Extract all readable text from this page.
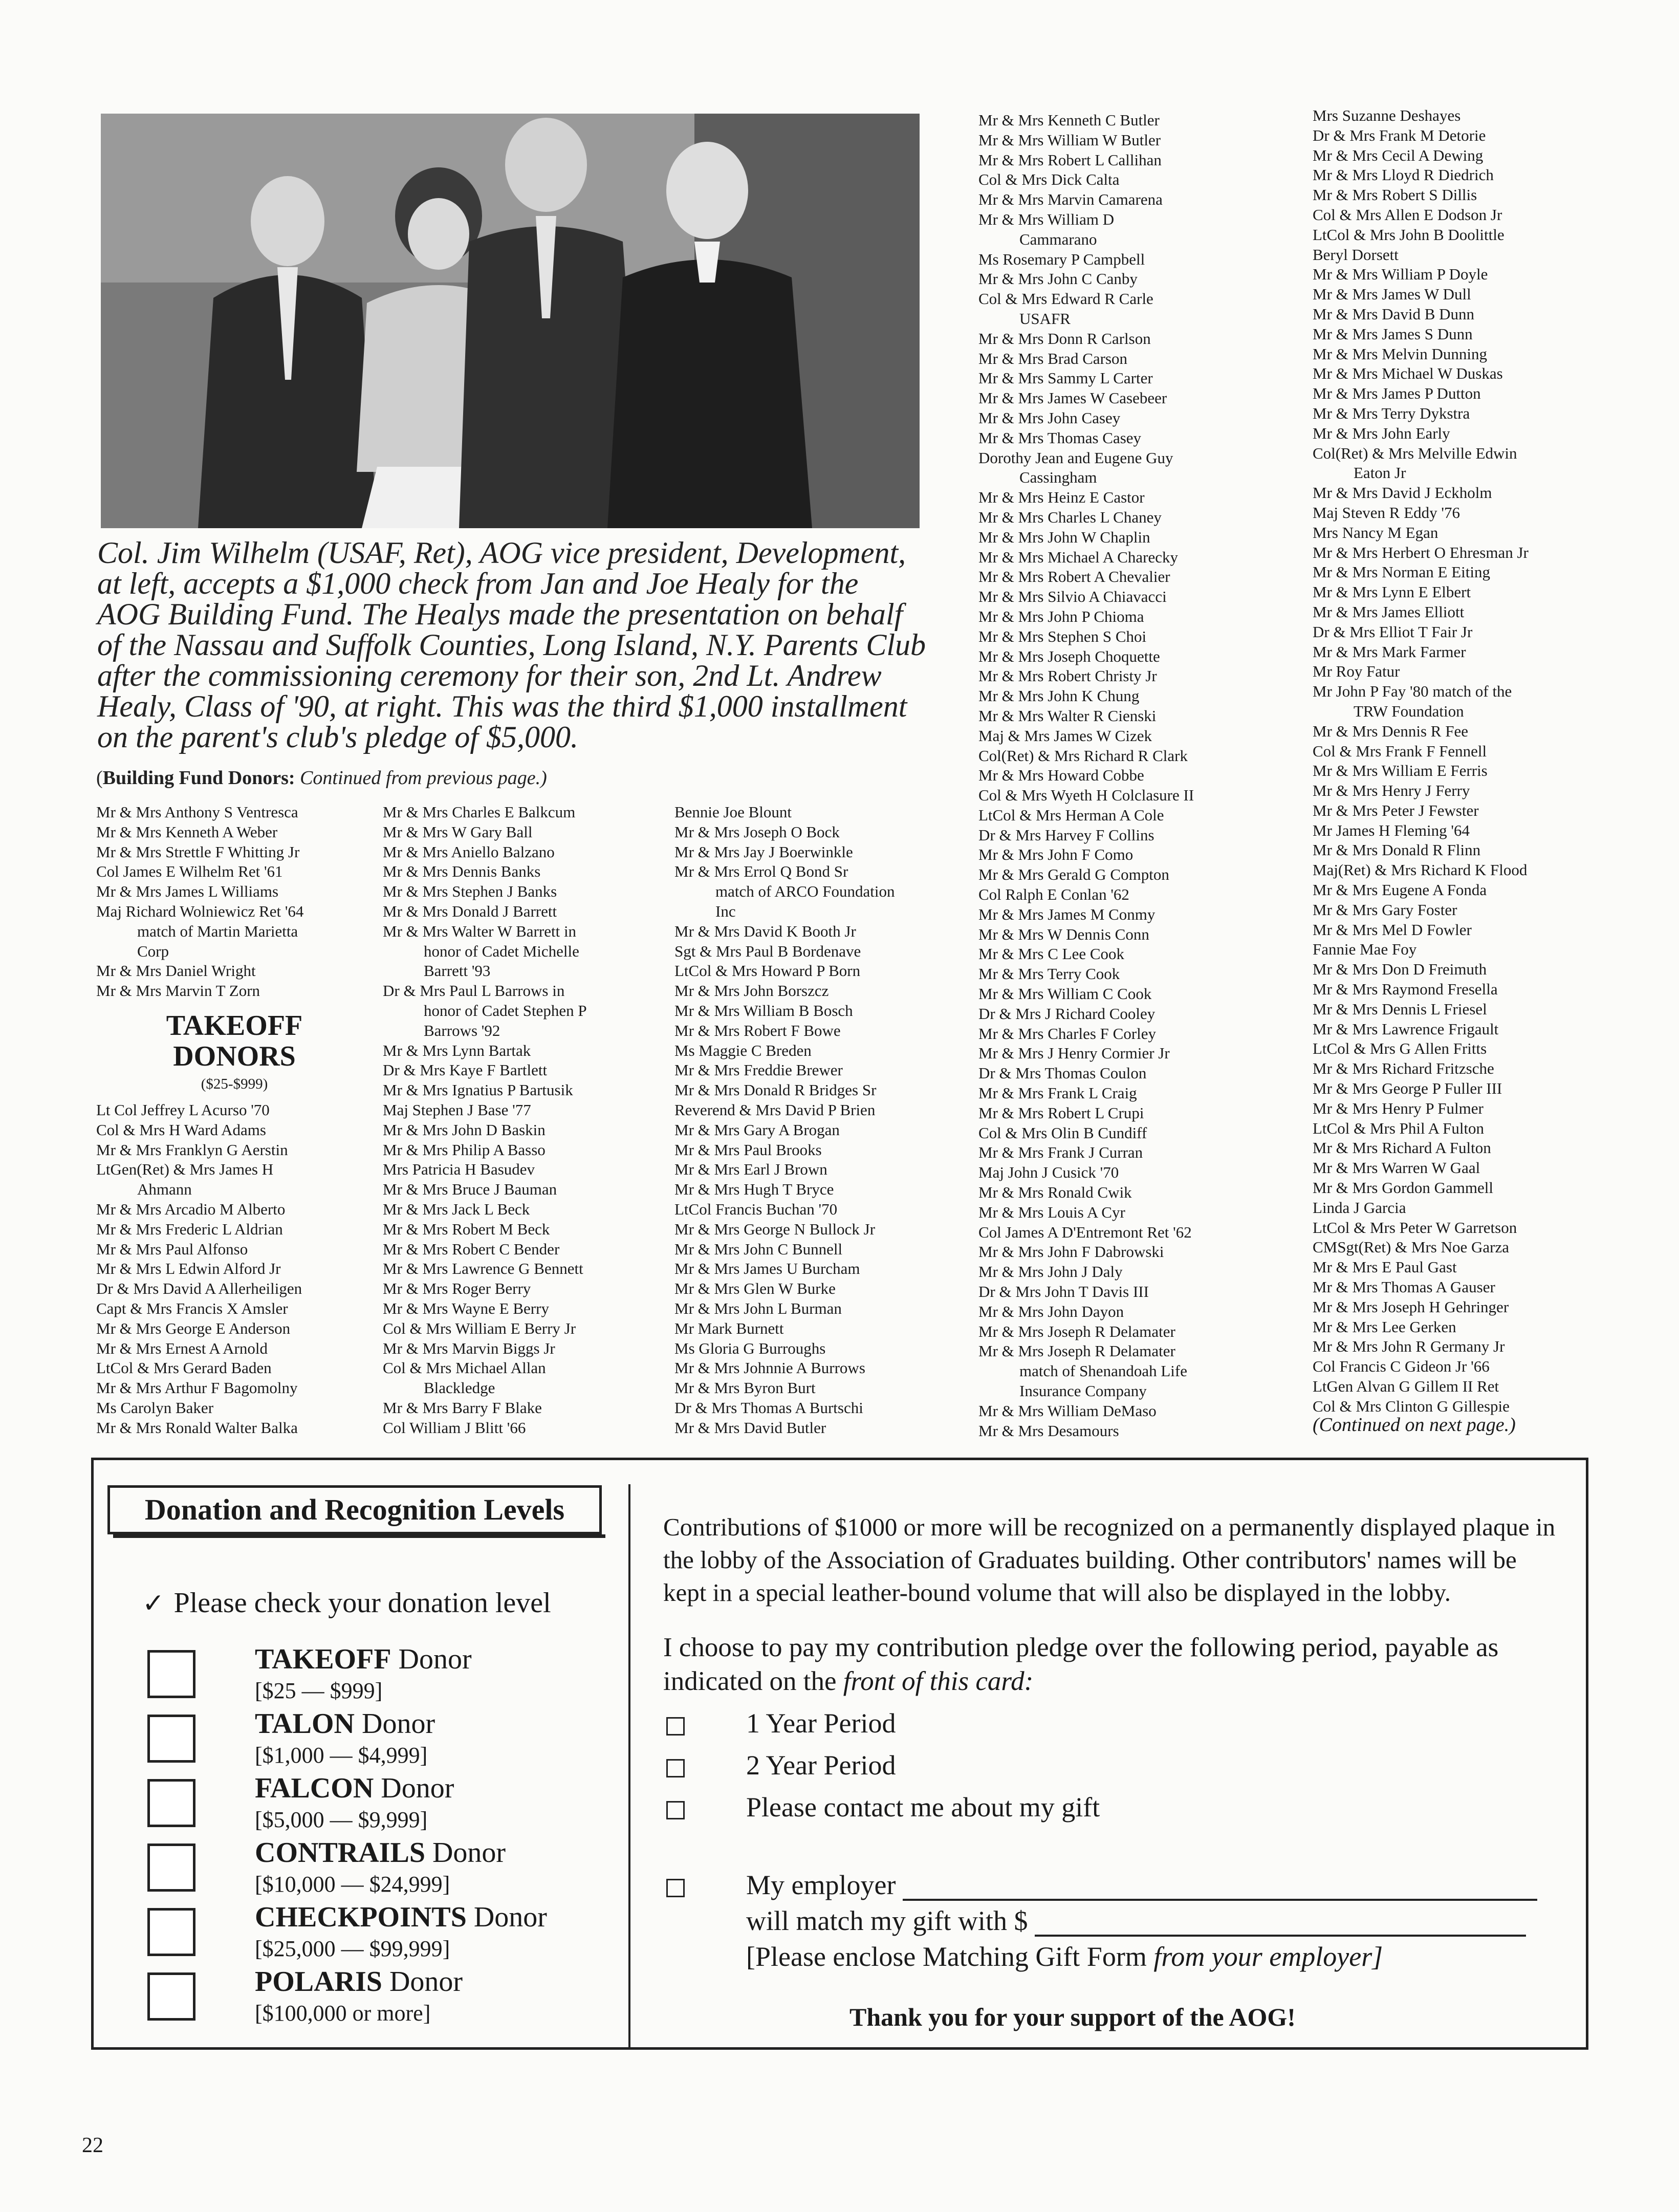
Col. Jim Wilhelm (USAF, Ret), AOG vice president, Development, at left, accepts a $1,000 check from Jan and Joe Healy for the AOG Building Fund. The Healys made the presentation on behalf of the Nassau and Suffolk Counties, Long Island, N.Y. Parents Club after the commissioning ceremony for their son, 2nd Lt. Andrew Healy, Class of '90, at right. This was the third $1,000 installment on the parent's club's pledge of $5,000.
(Building Fund Donors: Continued from previous page.)
Mr & Mrs Anthony S Ventresca
Mr & Mrs Kenneth A Weber
Mr & Mrs Strettle F Whitting Jr
Col James E Wilhelm Ret '61
Mr & Mrs James L Williams
Maj Richard Wolniewicz Ret '64
match of Martin Marietta
Corp
Mr & Mrs Daniel Wright
Mr & Mrs Marvin T Zorn
TAKEOFF
DONORS
($25-$999)
Lt Col Jeffrey L Acurso '70
Col & Mrs H Ward Adams
Mr & Mrs Franklyn G Aerstin
LtGen(Ret) & Mrs James H
Ahmann
Mr & Mrs Arcadio M Alberto
Mr & Mrs Frederic L Aldrian
Mr & Mrs Paul Alfonso
Mr & Mrs L Edwin Alford Jr
Dr & Mrs David A Allerheiligen
Capt & Mrs Francis X Amsler
Mr & Mrs George E Anderson
Mr & Mrs Ernest A Arnold
LtCol & Mrs Gerard Baden
Mr & Mrs Arthur F Bagomolny
Ms Carolyn Baker
Mr & Mrs Ronald Walter Balka
Mr & Mrs Charles E Balkcum
Mr & Mrs W Gary Ball
Mr & Mrs Aniello Balzano
Mr & Mrs Dennis Banks
Mr & Mrs Stephen J Banks
Mr & Mrs Donald J Barrett
Mr & Mrs Walter W Barrett in
honor of Cadet Michelle
Barrett '93
Dr & Mrs Paul L Barrows in
honor of Cadet Stephen P
Barrows '92
Mr & Mrs Lynn Bartak
Dr & Mrs Kaye F Bartlett
Mr & Mrs Ignatius P Bartusik
Maj Stephen J Base '77
Mr & Mrs John D Baskin
Mr & Mrs Philip A Basso
Mrs Patricia H Basudev
Mr & Mrs Bruce J Bauman
Mr & Mrs Jack L Beck
Mr & Mrs Robert M Beck
Mr & Mrs Robert C Bender
Mr & Mrs Lawrence G Bennett
Mr & Mrs Roger Berry
Mr & Mrs Wayne E Berry
Col & Mrs William E Berry Jr
Mr & Mrs Marvin Biggs Jr
Col & Mrs Michael Allan
Blackledge
Mr & Mrs Barry F Blake
Col William J Blitt '66
Bennie Joe Blount
Mr & Mrs Joseph O Bock
Mr & Mrs Jay J Boerwinkle
Mr & Mrs Errol Q Bond Sr
match of ARCO Foundation
Inc
Mr & Mrs David K Booth Jr
Sgt & Mrs Paul B Bordenave
LtCol & Mrs Howard P Born
Mr & Mrs John Borszcz
Mr & Mrs William B Bosch
Mr & Mrs Robert F Bowe
Ms Maggie C Breden
Mr & Mrs Freddie Brewer
Mr & Mrs Donald R Bridges Sr
Reverend & Mrs David P Brien
Mr & Mrs Gary A Brogan
Mr & Mrs Paul Brooks
Mr & Mrs Earl J Brown
Mr & Mrs Hugh T Bryce
LtCol Francis Buchan '70
Mr & Mrs George N Bullock Jr
Mr & Mrs John C Bunnell
Mr & Mrs James U Burcham
Mr & Mrs Glen W Burke
Mr & Mrs John L Burman
Mr Mark Burnett
Ms Gloria G Burroughs
Mr & Mrs Johnnie A Burrows
Mr & Mrs Byron Burt
Dr & Mrs Thomas A Burtschi
Mr & Mrs David Butler
Mr & Mrs Kenneth C Butler
Mr & Mrs William W Butler
Mr & Mrs Robert L Callihan
Col & Mrs Dick Calta
Mr & Mrs Marvin Camarena
Mr & Mrs William D
Cammarano
Ms Rosemary P Campbell
Mr & Mrs John C Canby
Col & Mrs Edward R Carle
USAFR
Mr & Mrs Donn R Carlson
Mr & Mrs Brad Carson
Mr & Mrs Sammy L Carter
Mr & Mrs James W Casebeer
Mr & Mrs John Casey
Mr & Mrs Thomas Casey
Dorothy Jean and Eugene Guy
Cassingham
Mr & Mrs Heinz E Castor
Mr & Mrs Charles L Chaney
Mr & Mrs John W Chaplin
Mr & Mrs Michael A Charecky
Mr & Mrs Robert A Chevalier
Mr & Mrs Silvio A Chiavacci
Mr & Mrs John P Chioma
Mr & Mrs Stephen S Choi
Mr & Mrs Joseph Choquette
Mr & Mrs Robert Christy Jr
Mr & Mrs John K Chung
Mr & Mrs Walter R Cienski
Maj & Mrs James W Cizek
Col(Ret) & Mrs Richard R Clark
Mr & Mrs Howard Cobbe
Col & Mrs Wyeth H Colclasure II
LtCol & Mrs Herman A Cole
Dr & Mrs Harvey F Collins
Mr & Mrs John F Como
Mr & Mrs Gerald G Compton
Col Ralph E Conlan '62
Mr & Mrs James M Conmy
Mr & Mrs W Dennis Conn
Mr & Mrs C Lee Cook
Mr & Mrs Terry Cook
Mr & Mrs William C Cook
Dr & Mrs J Richard Cooley
Mr & Mrs Charles F Corley
Mr & Mrs J Henry Cormier Jr
Dr & Mrs Thomas Coulon
Mr & Mrs Frank L Craig
Mr & Mrs Robert L Crupi
Col & Mrs Olin B Cundiff
Mr & Mrs Frank J Curran
Maj John J Cusick '70
Mr & Mrs Ronald Cwik
Mr & Mrs Louis A Cyr
Col James A D'Entremont Ret '62
Mr & Mrs John F Dabrowski
Mr & Mrs John J Daly
Dr & Mrs John T Davis III
Mr & Mrs John Dayon
Mr & Mrs Joseph R Delamater
Mr & Mrs Joseph R Delamater
match of Shenandoah Life
Insurance Company
Mr & Mrs William DeMaso
Mr & Mrs Desamours
Mrs Suzanne Deshayes
Dr & Mrs Frank M Detorie
Mr & Mrs Cecil A Dewing
Mr & Mrs Lloyd R Diedrich
Mr & Mrs Robert S Dillis
Col & Mrs Allen E Dodson Jr
LtCol & Mrs John B Doolittle
Beryl Dorsett
Mr & Mrs William P Doyle
Mr & Mrs James W Dull
Mr & Mrs David B Dunn
Mr & Mrs James S Dunn
Mr & Mrs Melvin Dunning
Mr & Mrs Michael W Duskas
Mr & Mrs James P Dutton
Mr & Mrs Terry Dykstra
Mr & Mrs John Early
Col(Ret) & Mrs Melville Edwin
Eaton Jr
Mr & Mrs David J Eckholm
Maj Steven R Eddy '76
Mrs Nancy M Egan
Mr & Mrs Herbert O Ehresman Jr
Mr & Mrs Norman E Eiting
Mr & Mrs Lynn E Elbert
Mr & Mrs James Elliott
Dr & Mrs Elliot T Fair Jr
Mr & Mrs Mark Farmer
Mr Roy Fatur
Mr John P Fay '80 match of the
TRW Foundation
Mr & Mrs Dennis R Fee
Col & Mrs Frank F Fennell
Mr & Mrs William E Ferris
Mr & Mrs Henry J Ferry
Mr & Mrs Peter J Fewster
Mr James H Fleming '64
Mr & Mrs Donald R Flinn
Maj(Ret) & Mrs Richard K Flood
Mr & Mrs Eugene A Fonda
Mr & Mrs Gary Foster
Mr & Mrs Mel D Fowler
Fannie Mae Foy
Mr & Mrs Don D Freimuth
Mr & Mrs Raymond Fresella
Mr & Mrs Dennis L Friesel
Mr & Mrs Lawrence Frigault
LtCol & Mrs G Allen Fritts
Mr & Mrs Richard Fritzsche
Mr & Mrs George P Fuller III
Mr & Mrs Henry P Fulmer
LtCol & Mrs Phil A Fulton
Mr & Mrs Richard A Fulton
Mr & Mrs Warren W Gaal
Mr & Mrs Gordon Gammell
Linda J Garcia
LtCol & Mrs Peter W Garretson
CMSgt(Ret) & Mrs Noe Garza
Mr & Mrs E Paul Gast
Mr & Mrs Thomas A Gauser
Mr & Mrs Joseph H Gehringer
Mr & Mrs Lee Gerken
Mr & Mrs John R Germany Jr
Col Francis C Gideon Jr '66
LtGen Alvan G Gillem II Ret
Col & Mrs Clinton G Gillespie
(Continued on next page.)
Donation and Recognition Levels
✓ Please check your donation level
TAKEOFF Donor
[$25 — $999]
TALON Donor
[$1,000 — $4,999]
FALCON Donor
[$5,000 — $9,999]
CONTRAILS Donor
[$10,000 — $24,999]
CHECKPOINTS Donor
[$25,000 — $99,999]
POLARIS Donor
[$100,000 or more]
Contributions of $1000 or more will be recognized on a permanently displayed plaque in the lobby of the Association of Graduates building. Other contributors' names will be kept in a special leather-bound volume that will also be displayed in the lobby.
I choose to pay my contribution pledge over the following period, payable as indicated on the front of this card:
1 Year Period
2 Year Period
Please contact me about my gift
My employer
will match my gift with $
[Please enclose Matching Gift Form from your employer]
Thank you for your support of the AOG!
22
